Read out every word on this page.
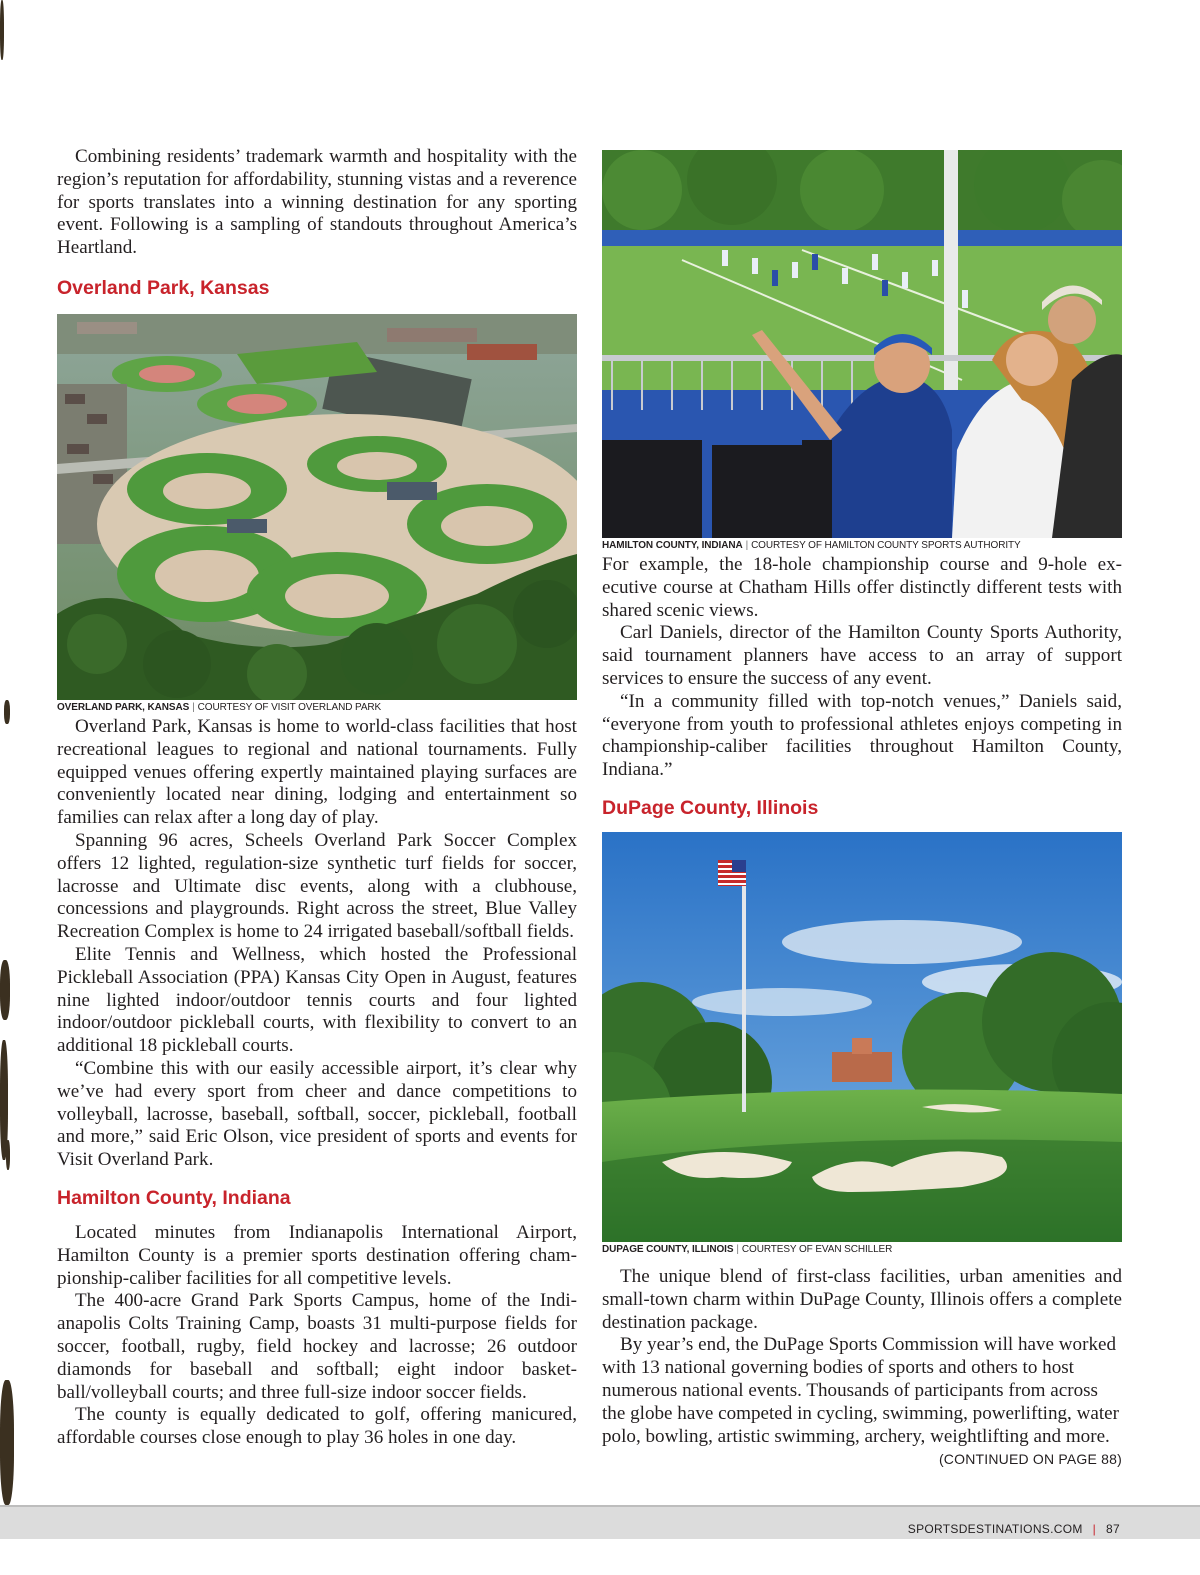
Combining residents’ trademark warmth and hospitality with the region’s reputation for affordability, stunning vistas and a reverence for sports translates into a winning destination for any sporting event. Following is a sampling of standouts throughout America’s Heartland.

Overland Park, Kansas
OVERLAND PARK, KANSAS | COURTESY OF VISIT OVERLAND PARK

Overland Park, Kansas is home to world-class facilities that host recreational leagues to regional and national tournaments. Fully equipped venues offering expertly maintained playing surfaces are conveniently located near dining, lodging and entertainment so families can relax after a long day of play.

Spanning 96 acres, Scheels Overland Park Soccer Complex offers 12 lighted, regulation-size synthetic turf fields for soccer, lacrosse and Ultimate disc events, along with a clubhouse, concessions and playgrounds. Right across the street, Blue Valley Recreation Complex is home to 24 irrigated baseball/softball fields.

Elite Tennis and Wellness, which hosted the Professional Pickleball Association (PPA) Kansas City Open in August, features nine lighted indoor/outdoor tennis courts and four lighted indoor/outdoor pickleball courts, with flexibility to convert to an additional 18 pickleball courts.

“Combine this with our easily accessible airport, it’s clear why we’ve had every sport from cheer and dance competitions to volleyball, lacrosse, baseball, softball, soccer, pickleball, football and more,” said Eric Olson, vice president of sports and events for Visit Overland Park.

Hamilton County, Indiana

Located minutes from Indianapolis International Airport, Hamilton County is a premier sports destination offering championship-caliber facilities for all competitive levels.

The 400-acre Grand Park Sports Campus, home of the Indianapolis Colts Training Camp, boasts 31 multi-purpose fields for soccer, football, rugby, field hockey and lacrosse; 26 outdoor diamonds for baseball and softball; eight indoor basketball/volleyball courts; and three full-size indoor soccer fields.

The county is equally dedicated to golf, offering manicured, affordable courses close enough to play 36 holes in one day.

HAMILTON COUNTY, INDIANA | COURTESY OF HAMILTON COUNTY SPORTS AUTHORITY

For example, the 18-hole championship course and 9-hole executive course at Chatham Hills offer distinctly different tests with shared scenic views.

Carl Daniels, director of the Hamilton County Sports Authority, said tournament planners have access to an array of support services to ensure the success of any event.

“In a community filled with top-notch venues,” Daniels said, “everyone from youth to professional athletes enjoys competing in championship-caliber facilities throughout Hamilton County, Indiana.”

DuPage County, Illinois
DUPAGE COUNTY, ILLINOIS | COURTESY OF EVAN SCHILLER

The unique blend of first-class facilities, urban amenities and small-town charm within DuPage County, Illinois offers a complete destination package.

By year’s end, the DuPage Sports Commission will have worked with 13 national governing bodies of sports and others to host numerous national events. Thousands of participants from across the globe have competed in cycling, swimming, powerlifting, water polo, bowling, artistic swimming, archery, weightlifting and more.
(CONTINUED ON PAGE 88)

SPORTSDESTINATIONS.COM | 87
